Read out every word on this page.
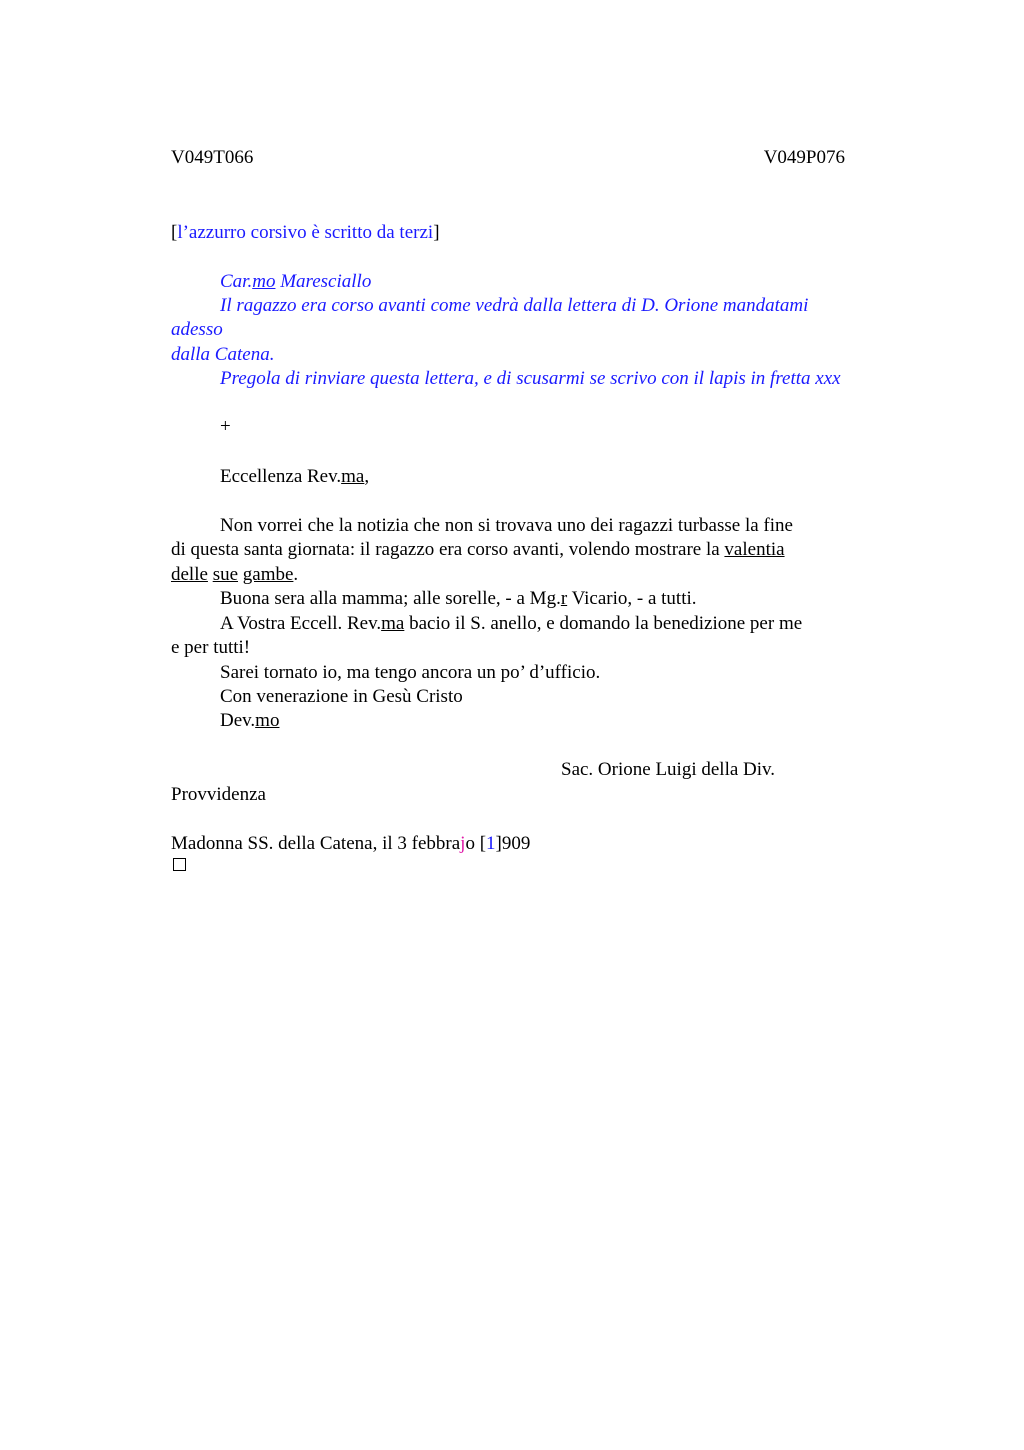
V049T066	V049P076
[l’azzurro corsivo è scritto da terzi]
Car.mo Maresciallo
Il ragazzo era corso avanti come vedrà dalla lettera di D. Orione mandatami
adesso
dalla Catena.
Pregola di rinviare questa lettera, e di scusarmi se scrivo con il lapis in fretta xxx
+
Eccellenza Rev.ma,
Non vorrei che la notizia che non si trovava uno dei ragazzi turbasse la fine
di questa santa giornata: il ragazzo era corso avanti, volendo mostrare la valentia
delle sue gambe.
Buona sera alla mamma; alle sorelle, - a Mg.r Vicario, - a tutti.
A Vostra Eccell. Rev.ma bacio il S. anello, e domando la benedizione per me
e per tutti!
Sarei tornato io, ma tengo ancora un po’ d’ufficio.
Con venerazione in Gesù Cristo
Dev.mo
Sac. Orione Luigi della Div.
Provvidenza
Madonna SS. della Catena, il 3 febbrajo [1]909
